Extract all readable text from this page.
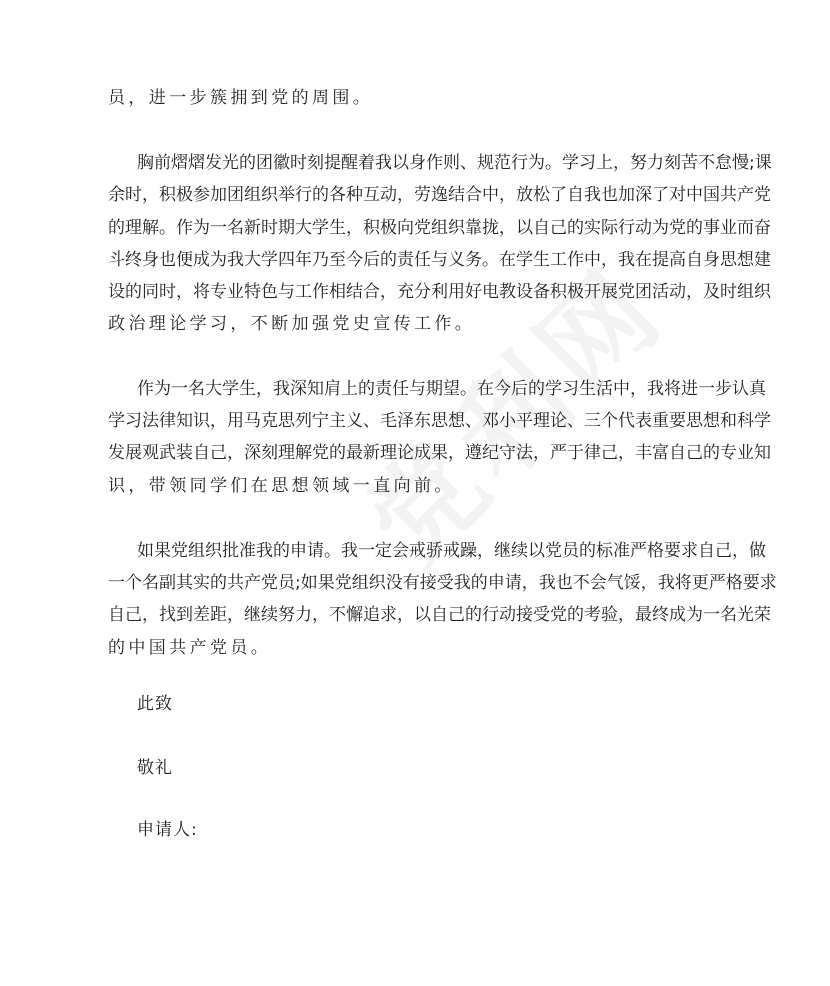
员，进一步簇拥到党的周围。
胸前熠熠发光的团徽时刻提醒着我以身作则、规范行为。学习上，努力刻苦不怠慢;课
余时，积极参加团组织举行的各种互动，劳逸结合中，放松了自我也加深了对中国共产党
的理解。作为一名新时期大学生，积极向党组织靠拢，以自己的实际行动为党的事业而奋
斗终身也便成为我大学四年乃至今后的责任与义务。在学生工作中，我在提高自身思想建
设的同时，将专业特色与工作相结合，充分利用好电教设备积极开展党团活动，及时组织
政治理论学习，不断加强党史宣传工作。
作为一名大学生，我深知肩上的责任与期望。在今后的学习生活中，我将进一步认真
学习法律知识，用马克思列宁主义、毛泽东思想、邓小平理论、三个代表重要思想和科学
发展观武装自己，深刻理解党的最新理论成果，遵纪守法，严于律己，丰富自己的专业知
识，带领同学们在思想领域一直向前。
如果党组织批准我的申请。我一定会戒骄戒躁，继续以党员的标准严格要求自己，做
一个名副其实的共产党员;如果党组织没有接受我的申请，我也不会气馁，我将更严格要求
自己，找到差距，继续努力，不懈追求，以自己的行动接受党的考验，最终成为一名光荣
的中国共产党员。
此致
敬礼
申请人:
